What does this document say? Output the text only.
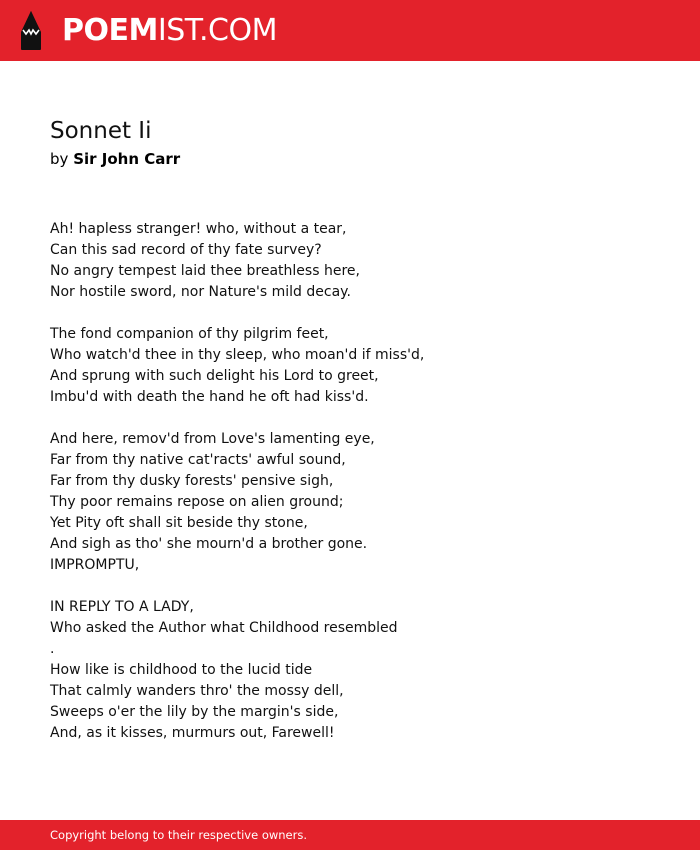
POEMIST.COM
Sonnet Ii
by Sir John Carr
Ah! hapless stranger! who, without a tear,
Can this sad record of thy fate survey?
No angry tempest laid thee breathless here,
Nor hostile sword, nor Nature's mild decay.
The fond companion of thy pilgrim feet,
Who watch'd thee in thy sleep, who moan'd if miss'd,
And sprung with such delight his Lord to greet,
Imbu'd with death the hand he oft had kiss'd.
And here, remov'd from Love's lamenting eye,
Far from thy native cat'racts' awful sound,
Far from thy dusky forests' pensive sigh,
Thy poor remains repose on alien ground;
Yet Pity oft shall sit beside thy stone,
And sigh as tho' she mourn'd a brother gone.
IMPROMPTU,
IN REPLY TO A LADY,
Who asked the Author what Childhood resembled
.
How like is childhood to the lucid tide
That calmly wanders thro' the mossy dell,
Sweeps o'er the lily by the margin's side,
And, as it kisses, murmurs out, Farewell!
Copyright belong to their respective owners.
